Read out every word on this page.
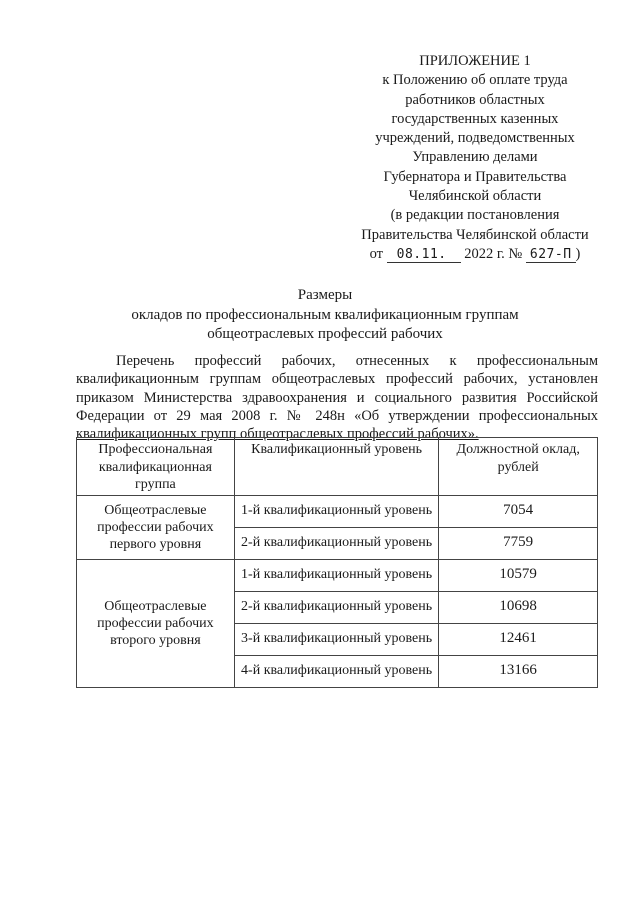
ПРИЛОЖЕНИЕ 1
к Положению об оплате труда
работников областных
государственных казенных
учреждений, подведомственных
Управлению делами
Губернатора и Правительства
Челябинской области
(в редакции постановления
Правительства Челябинской области
от 08.11. 2022 г. № 627-П )
Размеры
окладов по профессиональным квалификационным группам
общеотраслевых профессий рабочих
Перечень профессий рабочих, отнесенных к профессиональным квалификационным группам общеотраслевых профессий рабочих, установлен приказом Министерства здравоохранения и социального развития Российской Федерации от 29 мая 2008 г. № 248н «Об утверждении профессиональных квалификационных групп общеотраслевых профессий рабочих».
Профессиональная квалификационная группа	Квалификационный уровень	Должностной оклад, рублей
Общеотраслевые профессии рабочих первого уровня	1-й квалификационный уровень	7054
	2-й квалификационный уровень	7759
Общеотраслевые профессии рабочих второго уровня	1-й квалификационный уровень	10579
	2-й квалификационный уровень	10698
	3-й квалификационный уровень	12461
	4-й квалификационный уровень	13166
